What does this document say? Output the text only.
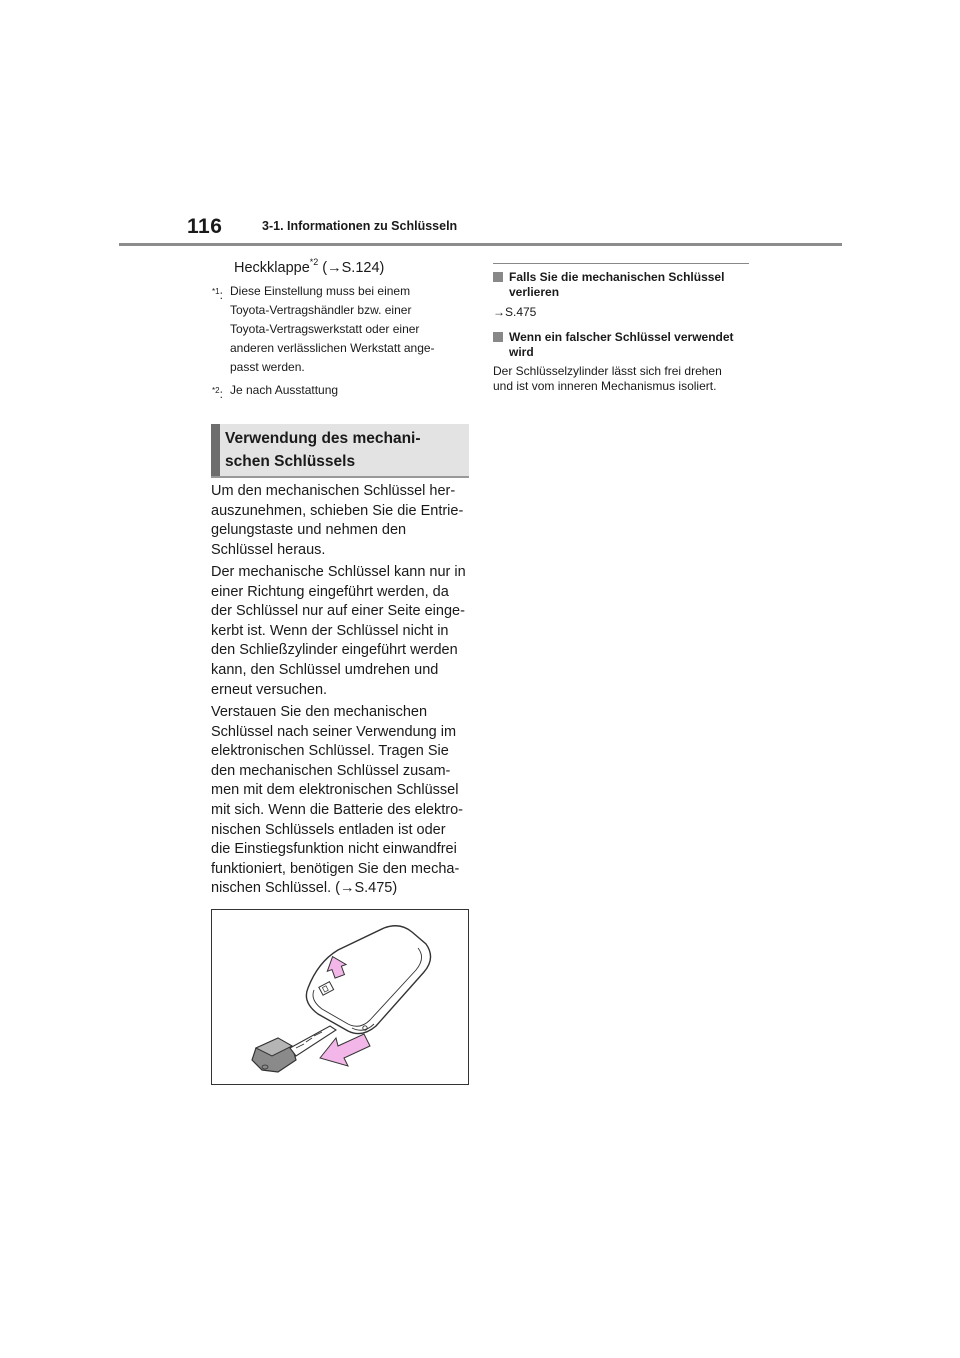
116	3-1. Informationen zu Schlüsseln
Heckklappe$^{*2}$ (→S.124)
$^{*1}$: Diese Einstellung muss bei einem
Toyota-Vertragshändler bzw. einer
Toyota-Vertragswerkstatt oder einer
anderen verlässlichen Werkstatt ange-
passt werden.
$^{*2}$: Je nach Ausstattung
Verwendung des mechani-
schen Schlüssels
Um den mechanischen Schlüssel her-
auszunehmen, schieben Sie die Entrie-
gelungstaste und nehmen den
Schlüssel heraus.
Der mechanische Schlüssel kann nur in
einer Richtung eingeführt werden, da
der Schlüssel nur auf einer Seite einge-
kerbt ist. Wenn der Schlüssel nicht in
den Schließzylinder eingeführt werden
kann, den Schlüssel umdrehen und
erneut versuchen.
Verstauen Sie den mechanischen
Schlüssel nach seiner Verwendung im
elektronischen Schlüssel. Tragen Sie
den mechanischen Schlüssel zusam-
men mit dem elektronischen Schlüssel
mit sich. Wenn die Batterie des elektro-
nischen Schlüssels entladen ist oder
die Einstiegsfunktion nicht einwandfrei
funktioniert, benötigen Sie den mecha-
nischen Schlüssel. (→S.475)
Falls Sie die mechanischen Schlüssel
verlieren
→S.475
Wenn ein falscher Schlüssel verwendet
wird
Der Schlüsselzylinder lässt sich frei drehen
und ist vom inneren Mechanismus isoliert.
